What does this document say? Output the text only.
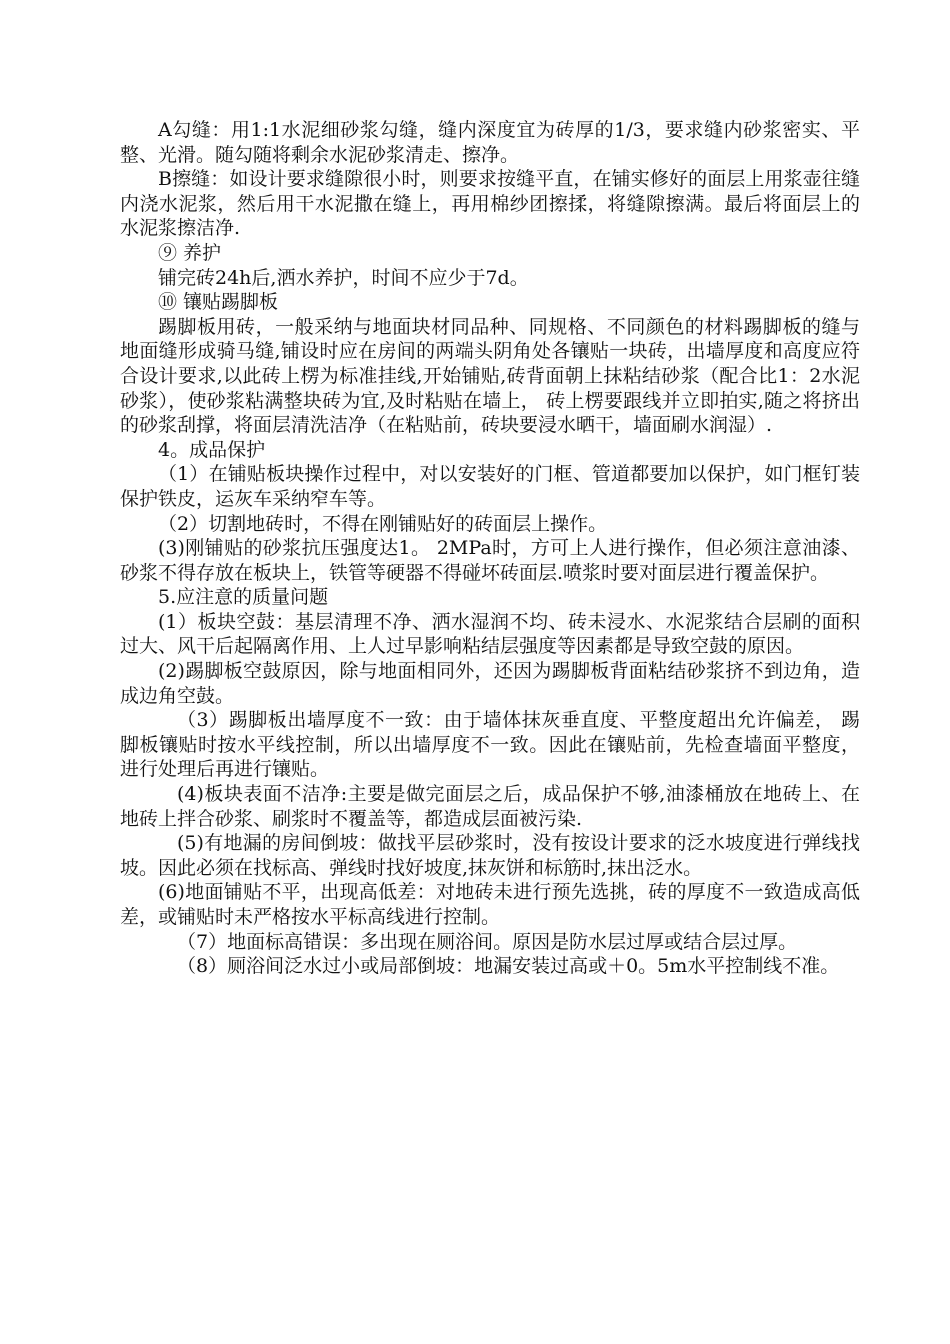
A勾缝：用1:1水泥细砂浆勾缝，缝内深度宜为砖厚的1/3，要求缝内砂浆密实、平整、光滑。随勾随将剩余水泥砂浆清走、擦净。

B擦缝：如设计要求缝隙很小时，则要求按缝平直，在铺实修好的面层上用浆壶往缝内浇水泥浆，然后用干水泥撒在缝上，再用棉纱团擦揉，将缝隙擦满。最后将面层上的水泥浆擦洁净.

⑨ 养护

铺完砖24h后,洒水养护，时间不应少于7d。

⑩ 镶贴踢脚板

踢脚板用砖，一般采纳与地面块材同品种、同规格、不同颜色的材料踢脚板的缝与地面缝形成骑马缝,铺设时应在房间的两端头阴角处各镶贴一块砖，出墙厚度和高度应符合设计要求,以此砖上楞为标准挂线,开始铺贴,砖背面朝上抹粘结砂浆（配合比1：2水泥砂浆），使砂浆粘满整块砖为宜,及时粘贴在墙上， 砖上楞要跟线并立即拍实,随之将挤出的砂浆刮撑，将面层清洗洁净（在粘贴前，砖块要浸水晒干，墙面刷水润湿）.

4。成品保护

（1）在铺贴板块操作过程中，对以安装好的门框、管道都要加以保护，如门框钉装保护铁皮，运灰车采纳窄车等。

（2）切割地砖时，不得在刚铺贴好的砖面层上操作。

(3)刚铺贴的砂浆抗压强度达1。 2MPa时，方可上人进行操作，但必须注意油漆、砂浆不得存放在板块上，铁管等硬器不得碰坏砖面层.喷浆时要对面层进行覆盖保护。

5.应注意的质量问题

(1）板块空鼓：基层清理不净、洒水湿润不均、砖未浸水、水泥浆结合层刷的面积过大、风干后起隔离作用、上人过早影响粘结层强度等因素都是导致空鼓的原因。

(2)踢脚板空鼓原因，除与地面相同外，还因为踢脚板背面粘结砂浆挤不到边角，造成边角空鼓。

（3）踢脚板出墙厚度不一致：由于墙体抹灰垂直度、平整度超出允许偏差， 踢脚板镶贴时按水平线控制，所以出墙厚度不一致。因此在镶贴前，先检查墙面平整度，进行处理后再进行镶贴。

(4)板块表面不洁净:主要是做完面层之后，成品保护不够,油漆桶放在地砖上、在地砖上拌合砂浆、刷浆时不覆盖等，都造成层面被污染.

(5)有地漏的房间倒坡：做找平层砂浆时，没有按设计要求的泛水坡度进行弹线找坡。因此必须在找标高、弹线时找好坡度,抹灰饼和标筋时,抹出泛水。

(6)地面铺贴不平，出现高低差：对地砖未进行预先选挑，砖的厚度不一致造成高低差，或铺贴时未严格按水平标高线进行控制。

（7）地面标高错误：多出现在厕浴间。原因是防水层过厚或结合层过厚。

（8）厕浴间泛水过小或局部倒坡：地漏安装过高或＋0。5m水平控制线不准。
